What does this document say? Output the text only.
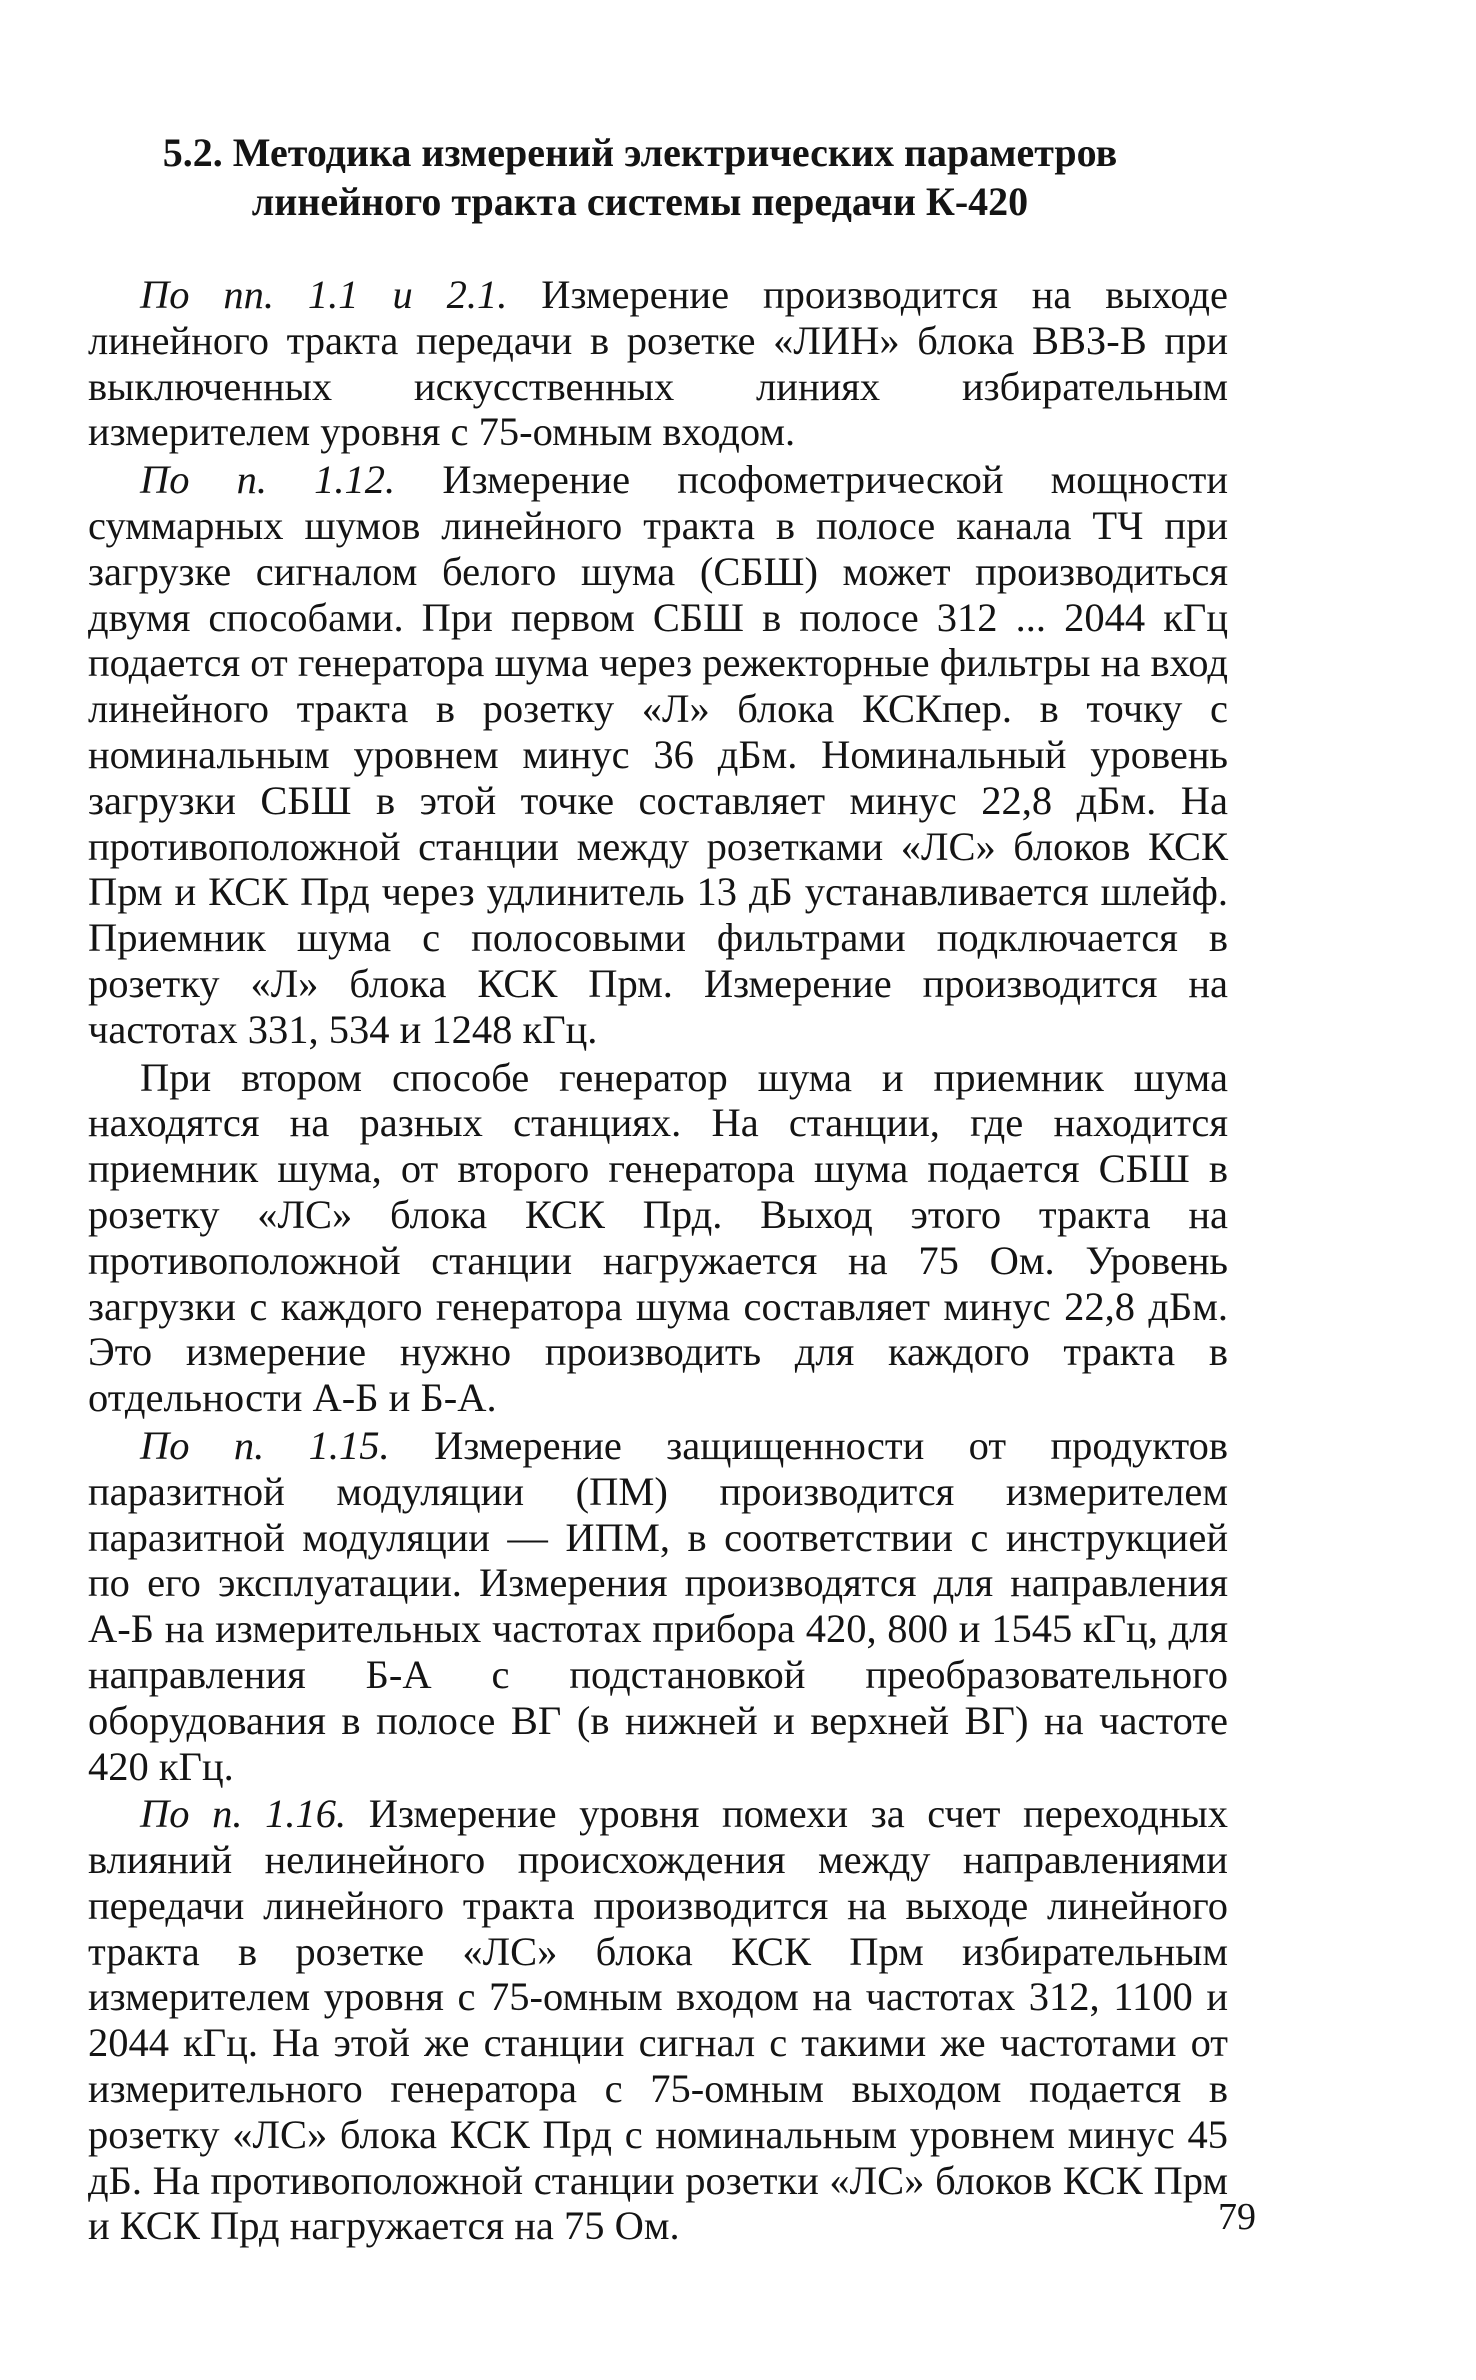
5.2. Методика измерений электрических параметров
линейного тракта системы передачи К-420

По пп. 1.1 и 2.1. Измерение производится на выходе линейного тракта передачи в розетке «ЛИН» блока ВВЗ-В при выключенных искусственных линиях избирательным измерителем уровня с 75-омным входом.

По п. 1.12. Измерение псофометрической мощности суммарных шумов линейного тракта в полосе канала ТЧ при загрузке сигналом белого шума (СБШ) может производиться двумя способами. При первом СБШ в полосе 312 ... 2044 кГц подается от генератора шума через режекторные фильтры на вход линейного тракта в розетку «Л» блока КСКпер. в точку с номинальным уровнем минус 36 дБм. Номинальный уровень загрузки СБШ в этой точке составляет минус 22,8 дБм. На противоположной станции между розетками «ЛС» блоков КСК Прм и КСК Прд через удлинитель 13 дБ устанавливается шлейф. Приемник шума с полосовыми фильтрами подключается в розетку «Л» блока КСК Прм. Измерение производится на частотах 331, 534 и 1248 кГц.

При втором способе генератор шума и приемник шума находятся на разных станциях. На станции, где находится приемник шума, от второго генератора шума подается СБШ в розетку «ЛС» блока КСК Прд. Выход этого тракта на противоположной станции нагружается на 75 Ом. Уровень загрузки с каждого генератора шума составляет минус 22,8 дБм. Это измерение нужно производить для каждого тракта в отдельности А-Б и Б-А.

По п. 1.15. Измерение защищенности от продуктов паразитной модуляции (ПМ) производится измерителем паразитной модуляции — ИПМ, в соответствии с инструкцией по его эксплуатации. Измерения производятся для направления А-Б на измерительных частотах прибора 420, 800 и 1545 кГц, для направления Б-А с подстановкой преобразовательного оборудования в полосе ВГ (в нижней и верхней ВГ) на частоте 420 кГц.

По п. 1.16. Измерение уровня помехи за счет переходных влияний нелинейного происхождения между направлениями передачи линейного тракта производится на выходе линейного тракта в розетке «ЛС» блока КСК Прм избирательным измерителем уровня с 75-омным входом на частотах 312, 1100 и 2044 кГц. На этой же станции сигнал с такими же частотами от измерительного генератора с 75-омным выходом подается в розетку «ЛС» блока КСК Прд с номинальным уровнем минус 45 дБ. На противоположной станции розетки «ЛС» блоков КСК Прм и КСК Прд нагружается на 75 Ом.	79
